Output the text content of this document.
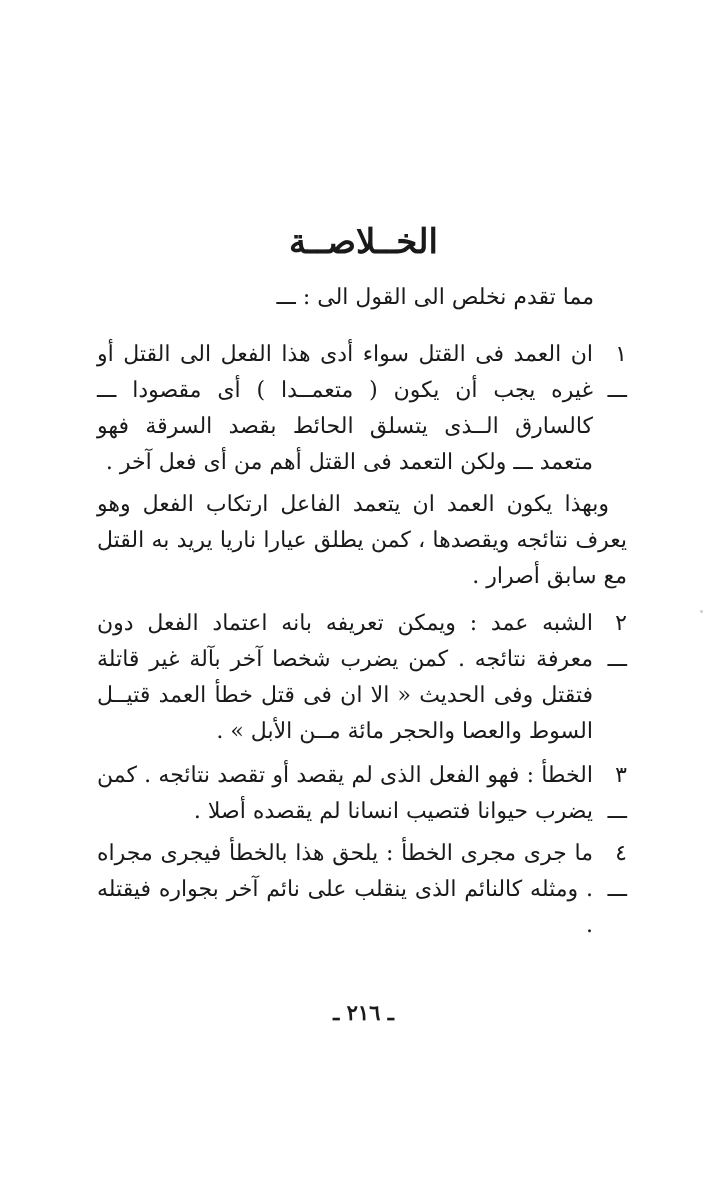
الخــلاصــة
مما تقدم نخلص الى القول الى : ـــ
١ ـــ
ان العمد فى القتل سواء أدى هذا الفعل الى القتل أو غيره يجب أن يكون ( متعمــدا ) أى مقصودا ـــ كالسارق الــذى يتسلق الحائط بقصد السرقة فهو متعمد ـــ ولكن التعمد فى القتل أهم من أى فعل آخر .
وبهذا يكون العمد ان يتعمد الفاعل ارتكاب الفعل وهو يعرف نتائجه ويقصدها ، كمن يطلق عيارا ناريا يريد به القتل مع سابق أصرار .
٢ ـــ
الشبه عمد : ويمكن تعريفه بانه اعتماد الفعل دون معرفة نتائجه . كمن يضرب شخصا آخر بآلة غير قاتلة فتقتل وفى الحديث « الا ان فى قتل خطأ العمد قتيــل السوط والعصا والحجر مائة مــن الأبل » .
٣ ـــ
الخطأ : فهو الفعل الذى لم يقصد أو تقصد نتائجه . كمن يضرب حيوانا فتصيب انسانا لم يقصده أصلا .
٤ ـــ
ما جرى مجرى الخطأ : يلحق هذا بالخطأ فيجرى مجراه . ومثله كالنائم الذى ينقلب على نائم آخر بجواره فيقتله .
ـ ٢١٦ ـ
